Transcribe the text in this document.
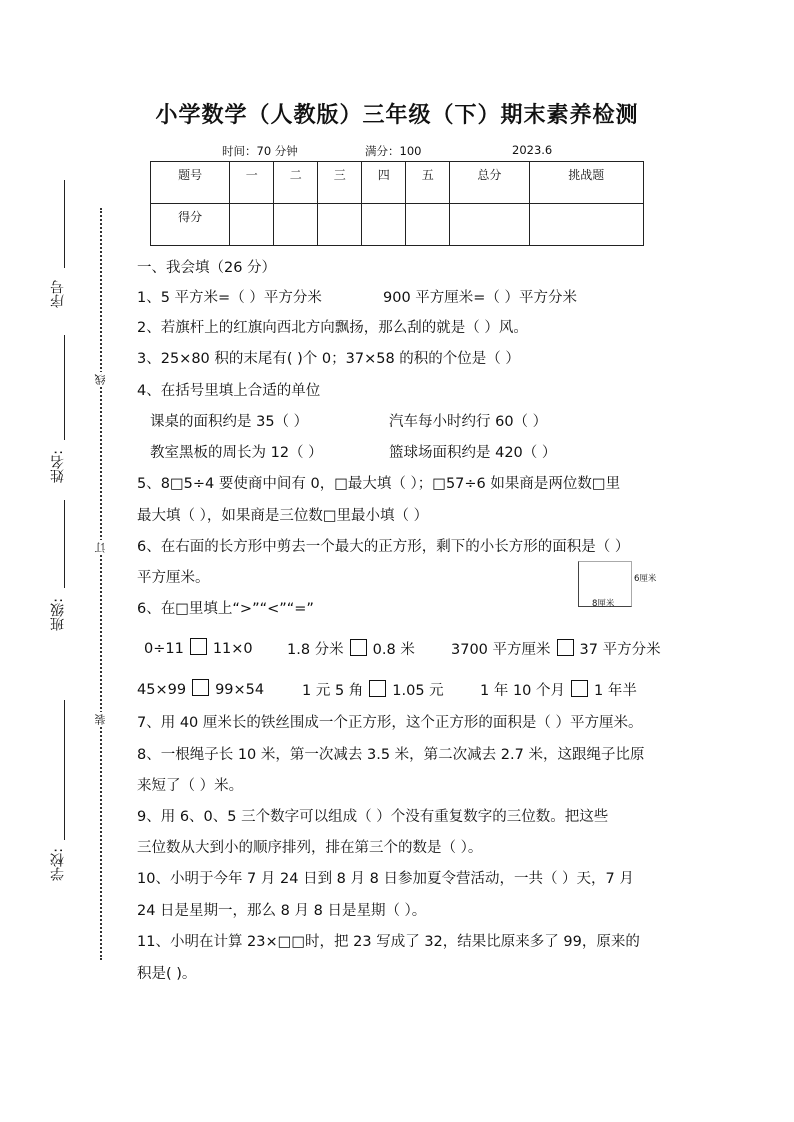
小学数学（人教版）三年级（下）期末素养检测
时间：70 分钟	满分：100	2023.6
题号	一	二	三	四	五	总分	挑战题
得分							
序号
姓名:
班级:
学校:
线
订
装
一、我会填（26 分）
1、5 平方米=（ ）平方分米	900 平方厘米=（ ）平方分米
2、若旗杆上的红旗向西北方向飘扬，那么刮的就是（ ）风。
3、25×80 积的末尾有( )个 0；37×58 的积的个位是（ ）
4、在括号里填上合适的单位
课桌的面积约是 35（ ）	汽车每小时约行 60（ ）
教室黑板的周长为 12（ ）	篮球场面积约是 420（ ）
5、8□5÷4 要使商中间有 0，□最大填（ ）；□57÷6 如果商是两位数□里
最大填（ ），如果商是三位数□里最小填（ ）
6、在右面的长方形中剪去一个最大的正方形，剩下的小长方形的面积是（ ）
平方厘米。	6厘米
8厘米
6、在□里填上“>”“<”“=”
0÷11 11×0 1.8 分米 0.8 米 3700 平方厘米 37 平方分米
45×99 99×54	1 元 5 角 1.05 元	1 年 10 个月 1 年半
7、用 40 厘米长的铁丝围成一个正方形，这个正方形的面积是（ ）平方厘米。
8、一根绳子长 10 米，第一次减去 3.5 米，第二次减去 2.7 米，这跟绳子比原
来短了（ ）米。
9、用 6、0、5 三个数字可以组成（ ）个没有重复数字的三位数。把这些
三位数从大到小的顺序排列，排在第三个的数是（ ）。
10、小明于今年 7 月 24 日到 8 月 8 日参加夏令营活动，一共（ ）天，7 月
24 日是星期一，那么 8 月 8 日是星期（ ）。
11、小明在计算 23×□□时，把 23 写成了 32，结果比原来多了 99，原来的
积是( )。
